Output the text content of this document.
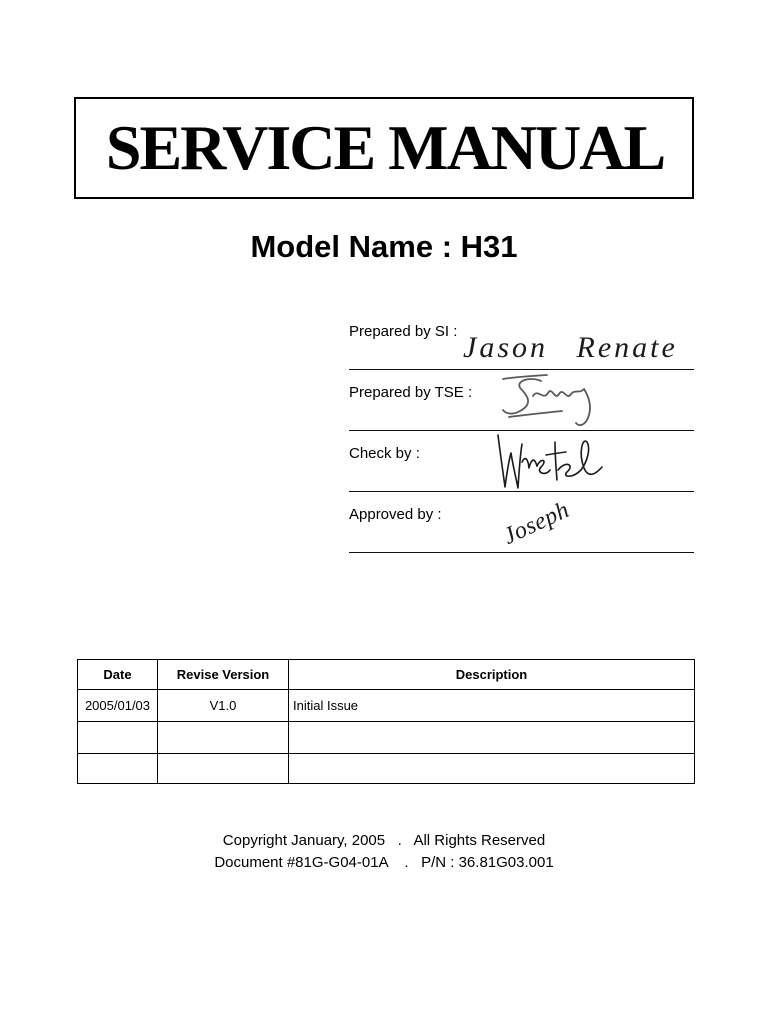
SERVICE MANUAL
Model Name : H31
Prepared by SI : Jason Renate
Prepared by TSE :
Check by :
Approved by : Joseph
Date	Revise Version	Description
2005/01/03	V1.0	Initial Issue

Copyright January, 2005   .   All Rights Reserved
Document #81G-G04-01A    .   P/N : 36.81G03.001
